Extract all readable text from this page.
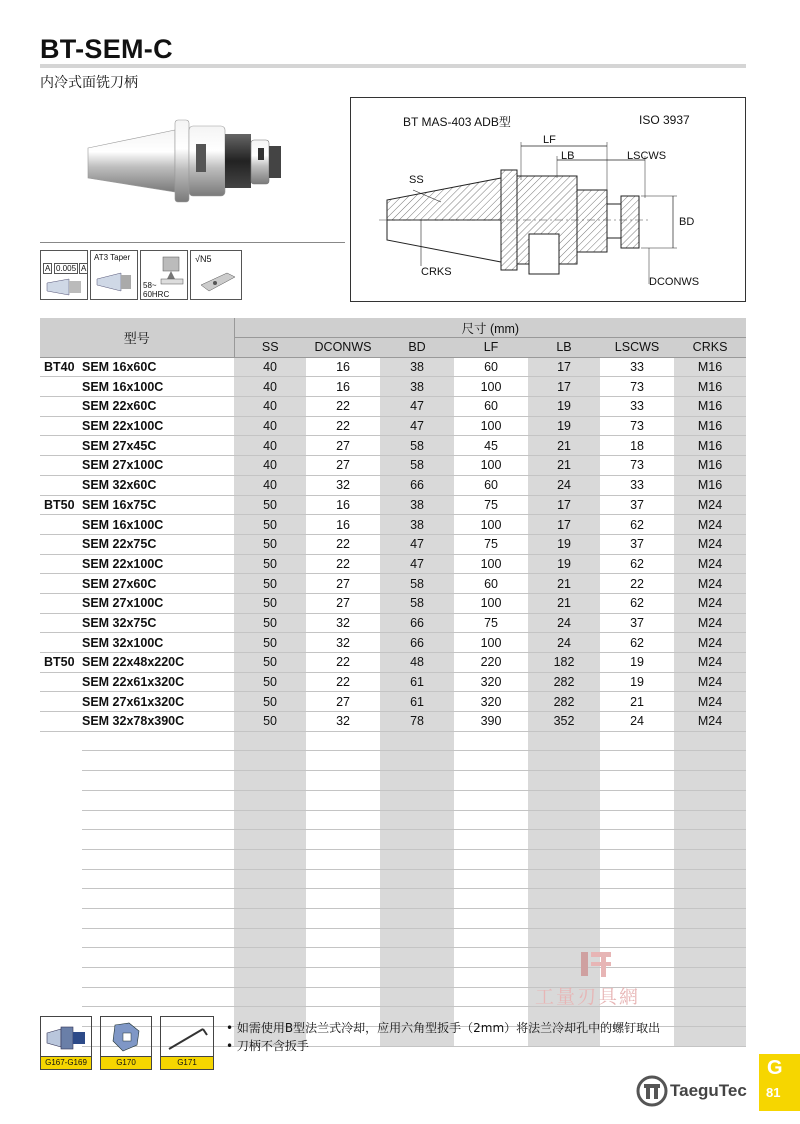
BT-SEM-C
内冷式面铣刀柄
A 0.005 A
AT3 Taper
58~
60HRC
√N5
BT MAS-403 ADB型	ISO 3937
LF
LB	LSCWS
SS
BD
CRKS
DCONWS
型号		尺寸 (mm)						
		SS	DCONWS	BD	LF	LB	LSCWS	CRKS
BT40	SEM 16x60C	40	16	38	60	17	33	M16
	SEM 16x100C	40	16	38	100	17	73	M16
	SEM 22x60C	40	22	47	60	19	33	M16
	SEM 22x100C	40	22	47	100	19	73	M16
	SEM 27x45C	40	27	58	45	21	18	M16
	SEM 27x100C	40	27	58	100	21	73	M16
	SEM 32x60C	40	32	66	60	24	33	M16
BT50	SEM 16x75C	50	16	38	75	17	37	M24
	SEM 16x100C	50	16	38	100	17	62	M24
	SEM 22x75C	50	22	47	75	19	37	M24
	SEM 22x100C	50	22	47	100	19	62	M24
	SEM 27x60C	50	27	58	60	21	22	M24
	SEM 27x100C	50	27	58	100	21	62	M24
	SEM 32x75C	50	32	66	75	24	37	M24
	SEM 32x100C	50	32	66	100	24	62	M24
BT50	SEM 22x48x220C	50	22	48	220	182	19	M24
	SEM 22x61x320C	50	22	61	320	282	19	M24
	SEM 27x61x320C	50	27	61	320	282	21	M24
	SEM 32x78x390C	50	32	78	390	352	24	M24

G167-G169	G170	G171
• 如需使用B型法兰式冷却，应用六角型扳手（2mm）将法兰冷却孔中的螺钉取出
• 刀柄不含扳手
工量刃具網
TaeguTec
G
81
